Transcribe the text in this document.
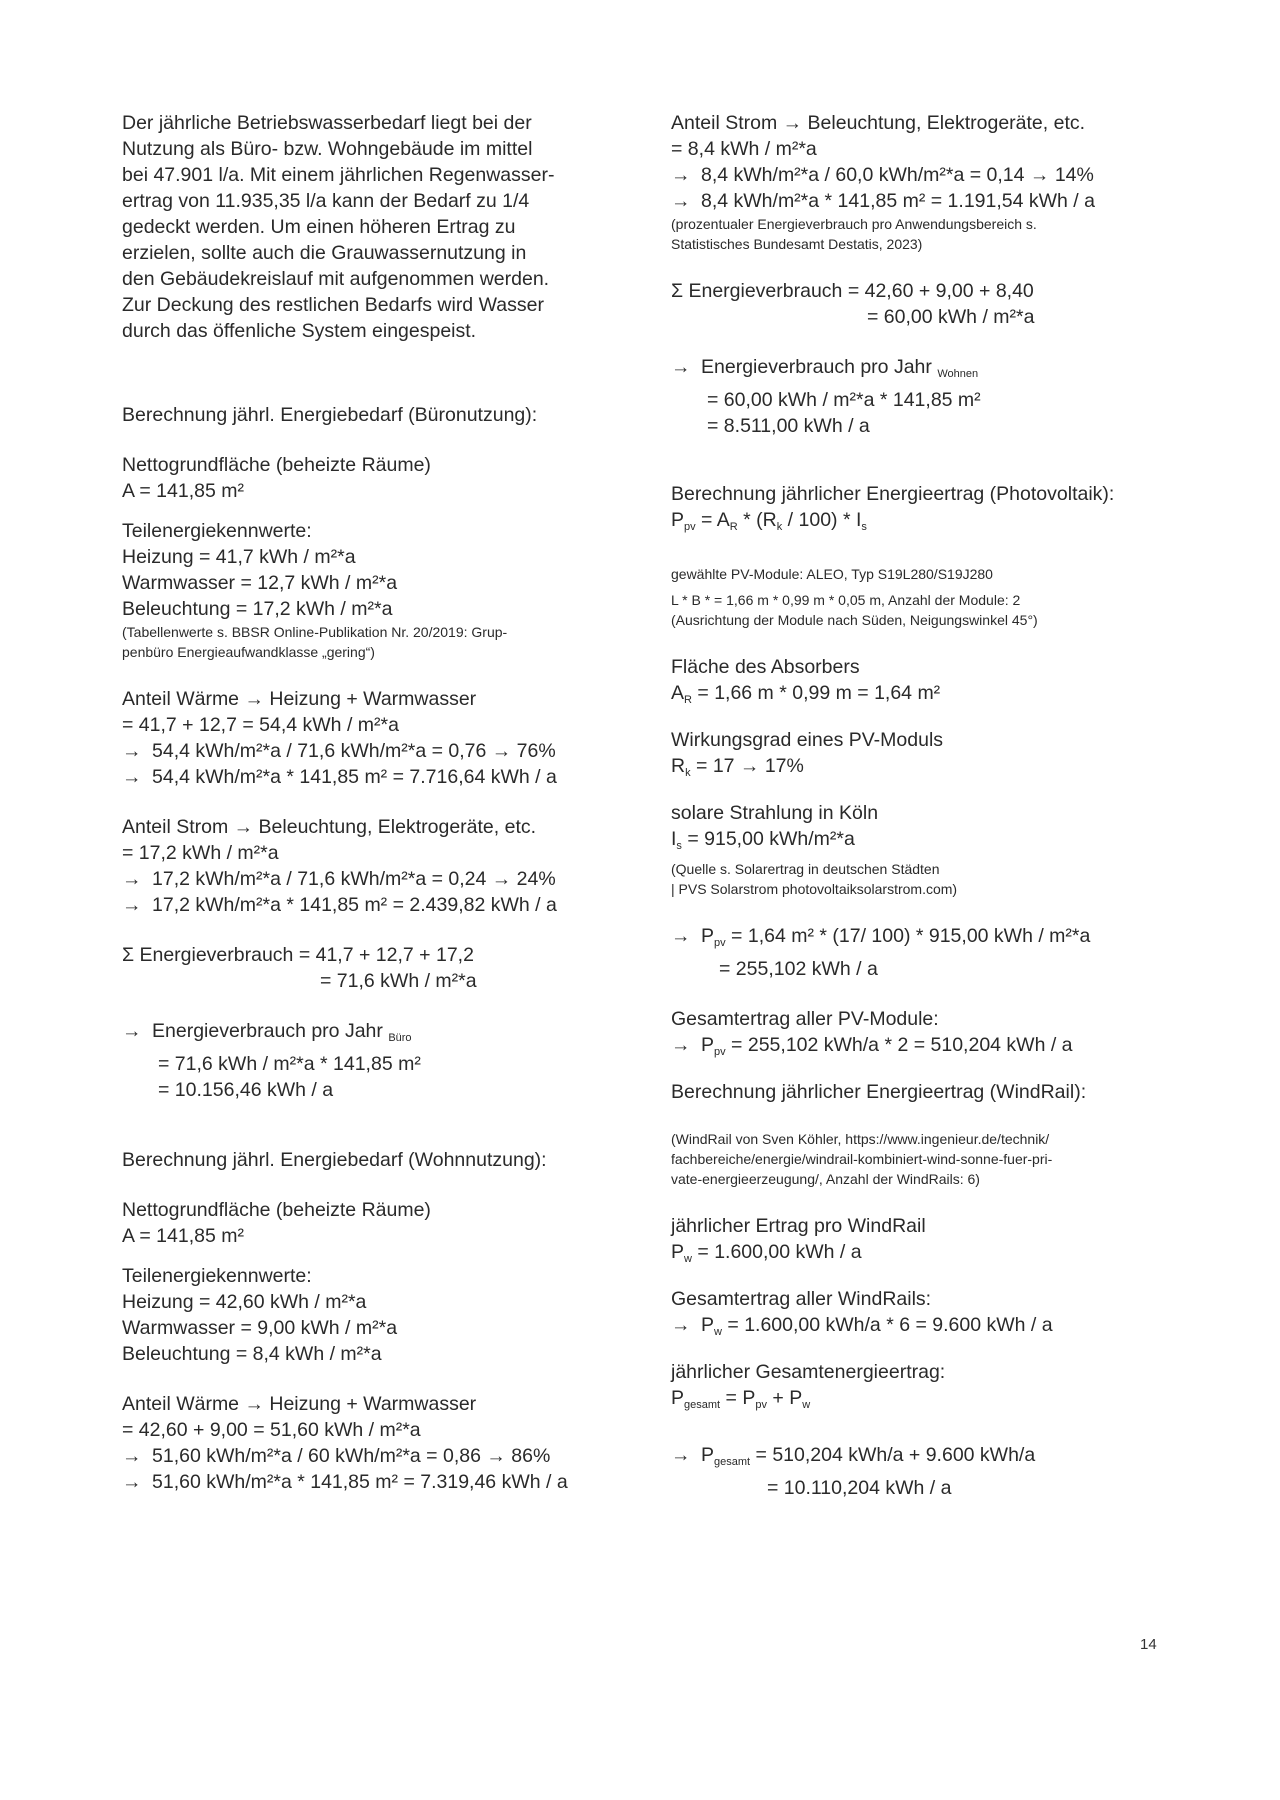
Der jährliche Betriebswasserbedarf liegt bei der
Nutzung als Büro- bzw. Wohngebäude im mittel
bei 47.901 l/a. Mit einem jährlichen Regenwasser-
ertrag von 11.935,35 l/a kann der Bedarf zu 1/4
gedeckt werden. Um einen höheren Ertrag zu
erzielen, sollte auch die Grauwassernutzung in
den Gebäudekreislauf mit aufgenommen werden.
Zur Deckung des restlichen Bedarfs wird Wasser
durch das öffenliche System eingespeist.
Berechnung jährl. Energiebedarf (Büronutzung):
Nettogrundfläche (beheizte Räume)
A = 141,85 m²
Teilenergiekennwerte:
Heizung = 41,7 kWh / m²*a
Warmwasser = 12,7 kWh / m²*a
Beleuchtung = 17,2 kWh / m²*a
(Tabellenwerte s. BBSR Online-Publikation Nr. 20/2019: Grup-
penbüro Energieaufwandklasse „gering“)
Anteil Wärme → Heizung + Warmwasser
= 41,7 + 12,7 = 54,4 kWh / m²*a
→ 54,4 kWh/m²*a / 71,6 kWh/m²*a = 0,76 → 76%
→ 54,4 kWh/m²*a * 141,85 m² = 7.716,64 kWh / a
Anteil Strom → Beleuchtung, Elektrogeräte, etc.
= 17,2 kWh / m²*a
→ 17,2 kWh/m²*a / 71,6 kWh/m²*a = 0,24 → 24%
→ 17,2 kWh/m²*a * 141,85 m² = 2.439,82 kWh / a
Σ Energieverbrauch = 41,7 + 12,7 + 17,2
= 71,6 kWh / m²*a
→ Energieverbrauch pro Jahr $_{Büro}$
= 71,6 kWh / m²*a * 141,85 m²
= 10.156,46 kWh / a
Berechnung jährl. Energiebedarf (Wohnnutzung):
Nettogrundfläche (beheizte Räume)
A = 141,85 m²
Teilenergiekennwerte:
Heizung = 42,60 kWh / m²*a
Warmwasser = 9,00 kWh / m²*a
Beleuchtung = 8,4 kWh / m²*a
Anteil Wärme → Heizung + Warmwasser
= 42,60 + 9,00 = 51,60 kWh / m²*a
→ 51,60 kWh/m²*a / 60 kWh/m²*a = 0,86 → 86%
→ 51,60 kWh/m²*a * 141,85 m² = 7.319,46 kWh / a
Anteil Strom → Beleuchtung, Elektrogeräte, etc.
= 8,4 kWh / m²*a
→ 8,4 kWh/m²*a / 60,0 kWh/m²*a = 0,14 → 14%
→ 8,4 kWh/m²*a * 141,85 m² = 1.191,54 kWh / a
(prozentualer Energieverbrauch pro Anwendungsbereich s.
Statistisches Bundesamt Destatis, 2023)
Σ Energieverbrauch = 42,60 + 9,00 + 8,40
= 60,00 kWh / m²*a
→ Energieverbrauch pro Jahr $_{Wohnen}$
= 60,00 kWh / m²*a * 141,85 m²
= 8.511,00 kWh / a
Berechnung jährlicher Energieertrag (Photovoltaik):
$P_{pv} = A_R * (R_k / 100) * I_s$
gewählte PV-Module: ALEO, Typ S19L280/S19J280
L * B * = 1,66 m * 0,99 m * 0,05 m, Anzahl der Module: 2
(Ausrichtung der Module nach Süden, Neigungswinkel 45°)
Fläche des Absorbers
$A_R = 1,66$ m * 0,99 m = 1,64 m²
Wirkungsgrad eines PV-Moduls
$R_k = 17 \to 17\%$
solare Strahlung in Köln
$I_s = 915,00$ kWh/m²*a
(Quelle s. Solarertrag in deutschen Städten
| PVS Solarstrom photovoltaiksolarstrom.com)
→ $P_{pv} = 1,64$ m² * (17/ 100) * 915,00 kWh / m²*a
= 255,102 kWh / a
Gesamtertrag aller PV-Module:
→ $P_{pv} = 255,102$ kWh/a * 2 = 510,204 kWh / a
Berechnung jährlicher Energieertrag (WindRail):
(WindRail von Sven Köhler, https://www.ingenieur.de/technik/
fachbereiche/energie/windrail-kombiniert-wind-sonne-fuer-pri-
vate-energieerzeugung/, Anzahl der WindRails: 6)
jährlicher Ertrag pro WindRail
$P_w = 1.600,00$ kWh / a
Gesamtertrag aller WindRails:
→ $P_w = 1.600,00$ kWh/a * 6 = 9.600 kWh / a
jährlicher Gesamtenergieertrag:
$P_{gesamt} = P_{pv} + P_w$
→ $P_{gesamt} = 510,204$ kWh/a + 9.600 kWh/a
= 10.110,204 kWh / a
14
